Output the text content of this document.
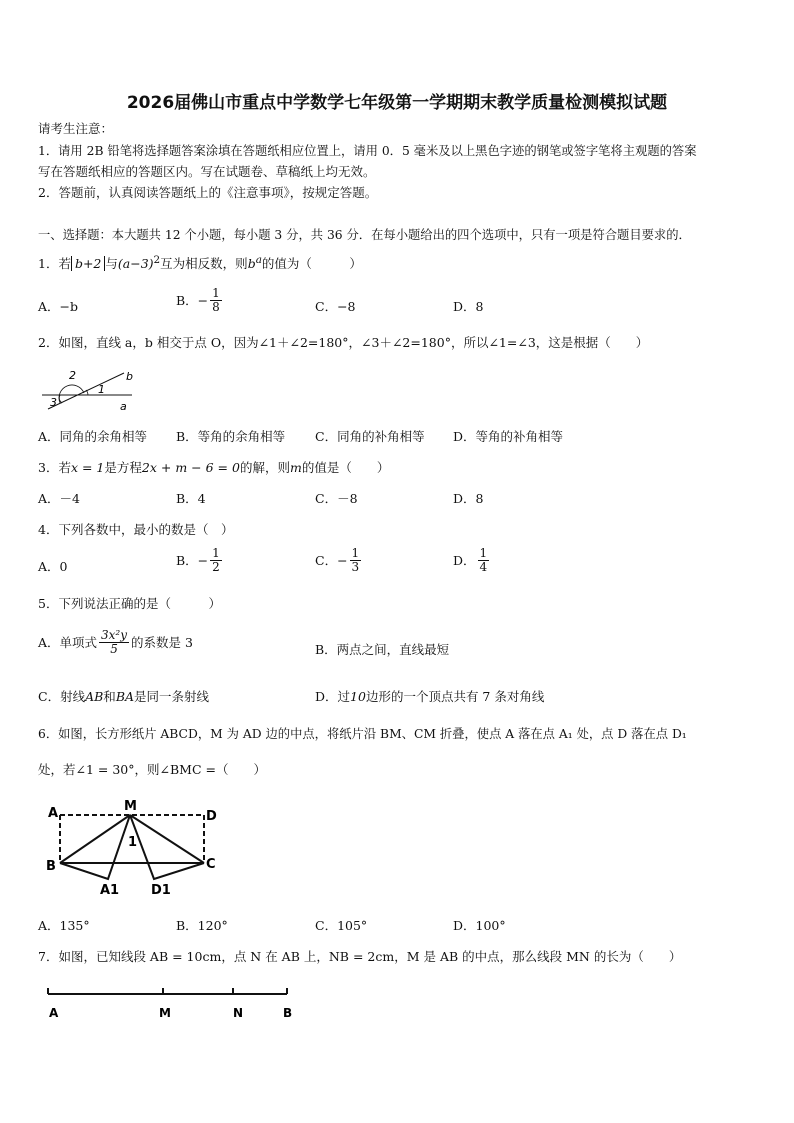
2026届佛山市重点中学数学七年级第一学期期末教学质量检测模拟试题
请考生注意：
1．请用 2B 铅笔将选择题答案涂填在答题纸相应位置上，请用 0．5 毫米及以上黑色字迹的钢笔或签字笔将主观题的答案
写在答题纸相应的答题区内。写在试题卷、草稿纸上均无效。
2．答题前，认真阅读答题纸上的《注意事项》，按规定答题。
一、选择题：本大题共 12 个小题，每小题 3 分，共 36 分．在每小题给出的四个选项中，只有一项是符合题目要求的．
1．若 b+2 与$(a-3)^2$互为相反数，则$b^a$的值为（　　　）
A．−b	B．− $\frac{1}{8}$	C．−8	D．8
2．如图，直线 a，b 相交于点 O，因为∠1＋∠2=180°，∠3＋∠2=180°，所以∠1=∠3，这是根据（　　）
2
1
3
b
a
A．同角的余角相等 B．等角的余角相等 C．同角的补角相等 D．等角的补角相等
3．若x = 1是方程2x + m − 6 = 0的解，则m的值是（　　）
A．－4	B．4	C．－8	D．8
4．下列各数中，最小的数是（　）
A．0	B．− $\frac{1}{2}$	C．− $\frac{1}{3}$	D． $\frac{1}{4}$
5．下列说法正确的是（　　　）
A．单项式 $\frac{\text{3x²y}}{5}$ 的系数是 3	B．两点之间，直线最短
C．射线AB和BA是同一条射线	D．过10边形的一个顶点共有 7 条对角线
6．如图，长方形纸片 ABCD，M 为 AD 边的中点，将纸片沿 BM、CM 折叠，使点 A 落在点 A₁ 处，点 D 落在点 D₁
处，若∠1 = 30°，则∠BMC =（　　）
A	M
D
B	C
A1 D1
1
A．135°	B．120°	C．105°	D．100°
7．如图，已知线段 AB = 10cm，点 N 在 AB 上，NB = 2cm，M 是 AB 的中点，那么线段 MN 的长为（　　）
A	M	N	B
